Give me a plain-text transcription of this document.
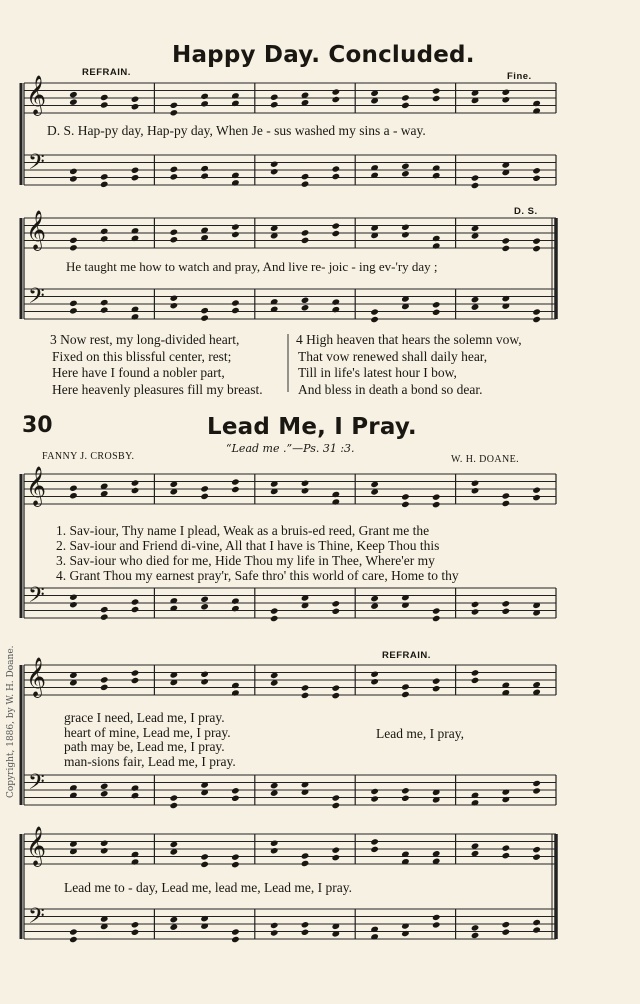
𝄞
𝄢
𝄞
𝄢
𝄞
𝄢
𝄞
𝄢
𝄞
𝄢
Happy Day. Concluded.
REFRAIN.	Fine.
D. S.
D. S. Hap-py day, Hap-py day, When Je - sus washed my sins a - way.
He taught me how to watch and pray, And live re- joic - ing ev-'ry day ;
3 Now rest, my long-divided heart,
Fixed on this blissful center, rest;
Here have I found a nobler part,
Here heavenly pleasures fill my breast.
4 High heaven that hears the solemn vow,
That vow renewed shall daily hear,
Till in life's latest hour I bow,
And bless in death a bond so dear.
30	Lead Me, I Pray.
“Lead me .”—Ps. 31 :3.
FANNY J. CROSBY.	W. H. DOANE.
1. Sav-iour, Thy name I plead, Weak as a bruis-ed reed, Grant me the
2. Sav-iour and Friend di-vine, All that I have is Thine, Keep Thou this
3. Sav-iour who died for me, Hide Thou my life in Thee, Where'er my
4. Grant Thou my earnest pray'r, Safe thro' this world of care, Home to thy
REFRAIN.
grace I need, Lead me, I pray.
heart of mine, Lead me, I pray.
path may be, Lead me, I pray.
man-sions fair, Lead me, I pray.
Lead me, I pray,
Lead me to - day, Lead me, lead me, Lead me, I pray.
Copyright, 1886, by W. H. Doane.
